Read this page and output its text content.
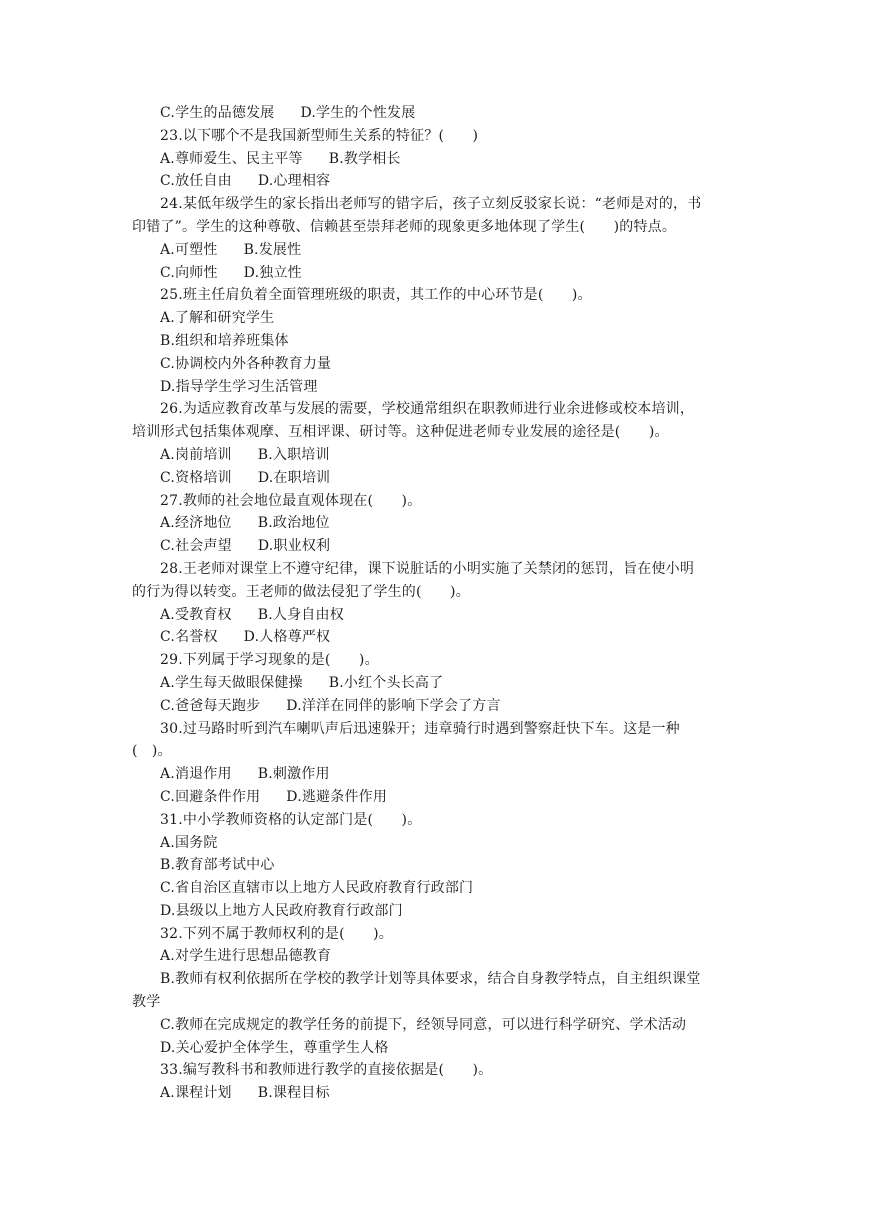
C.学生的品德发展 D.学生的个性发展
23.以下哪个不是我国新型师生关系的特征？(　　)
A.尊师爱生、民主平等 B.教学相长
C.放任自由 D.心理相容
24.某低年级学生的家长指出老师写的错字后，孩子立刻反驳家长说：“老师是对的，书
印错了”。学生的这种尊敬、信赖甚至崇拜老师的现象更多地体现了学生(　　)的特点。
A.可塑性 B.发展性
C.向师性 D.独立性
25.班主任肩负着全面管理班级的职责，其工作的中心环节是(　　)。
A.了解和研究学生
B.组织和培养班集体
C.协调校内外各种教育力量
D.指导学生学习生活管理
26.为适应教育改革与发展的需要，学校通常组织在职教师进行业余进修或校本培训，
培训形式包括集体观摩、互相评课、研讨等。这种促进老师专业发展的途径是(　　)。
A.岗前培训 B.入职培训
C.资格培训 D.在职培训
27.教师的社会地位最直观体现在(　　)。
A.经济地位 B.政治地位
C.社会声望 D.职业权利
28.王老师对课堂上不遵守纪律，课下说脏话的小明实施了关禁闭的惩罚，旨在使小明
的行为得以转变。王老师的做法侵犯了学生的(　　)。
A.受教育权 B.人身自由权
C.名誉权 D.人格尊严权
29.下列属于学习现象的是(　　)。
A.学生每天做眼保健操 B.小红个头长高了
C.爸爸每天跑步 D.洋洋在同伴的影响下学会了方言
30.过马路时听到汽车喇叭声后迅速躲开；违章骑行时遇到警察赶快下车。这是一种
(　)。
A.消退作用 B.刺激作用
C.回避条件作用 D.逃避条件作用
31.中小学教师资格的认定部门是(　　)。
A.国务院
B.教育部考试中心
C.省自治区直辖市以上地方人民政府教育行政部门
D.县级以上地方人民政府教育行政部门
32.下列不属于教师权利的是(　　)。
A.对学生进行思想品德教育
B.教师有权利依据所在学校的教学计划等具体要求，结合自身教学特点，自主组织课堂
教学
C.教师在完成规定的教学任务的前提下，经领导同意，可以进行科学研究、学术活动
D.关心爱护全体学生，尊重学生人格
33.编写教科书和教师进行教学的直接依据是(　　)。
A.课程计划 B.课程目标
